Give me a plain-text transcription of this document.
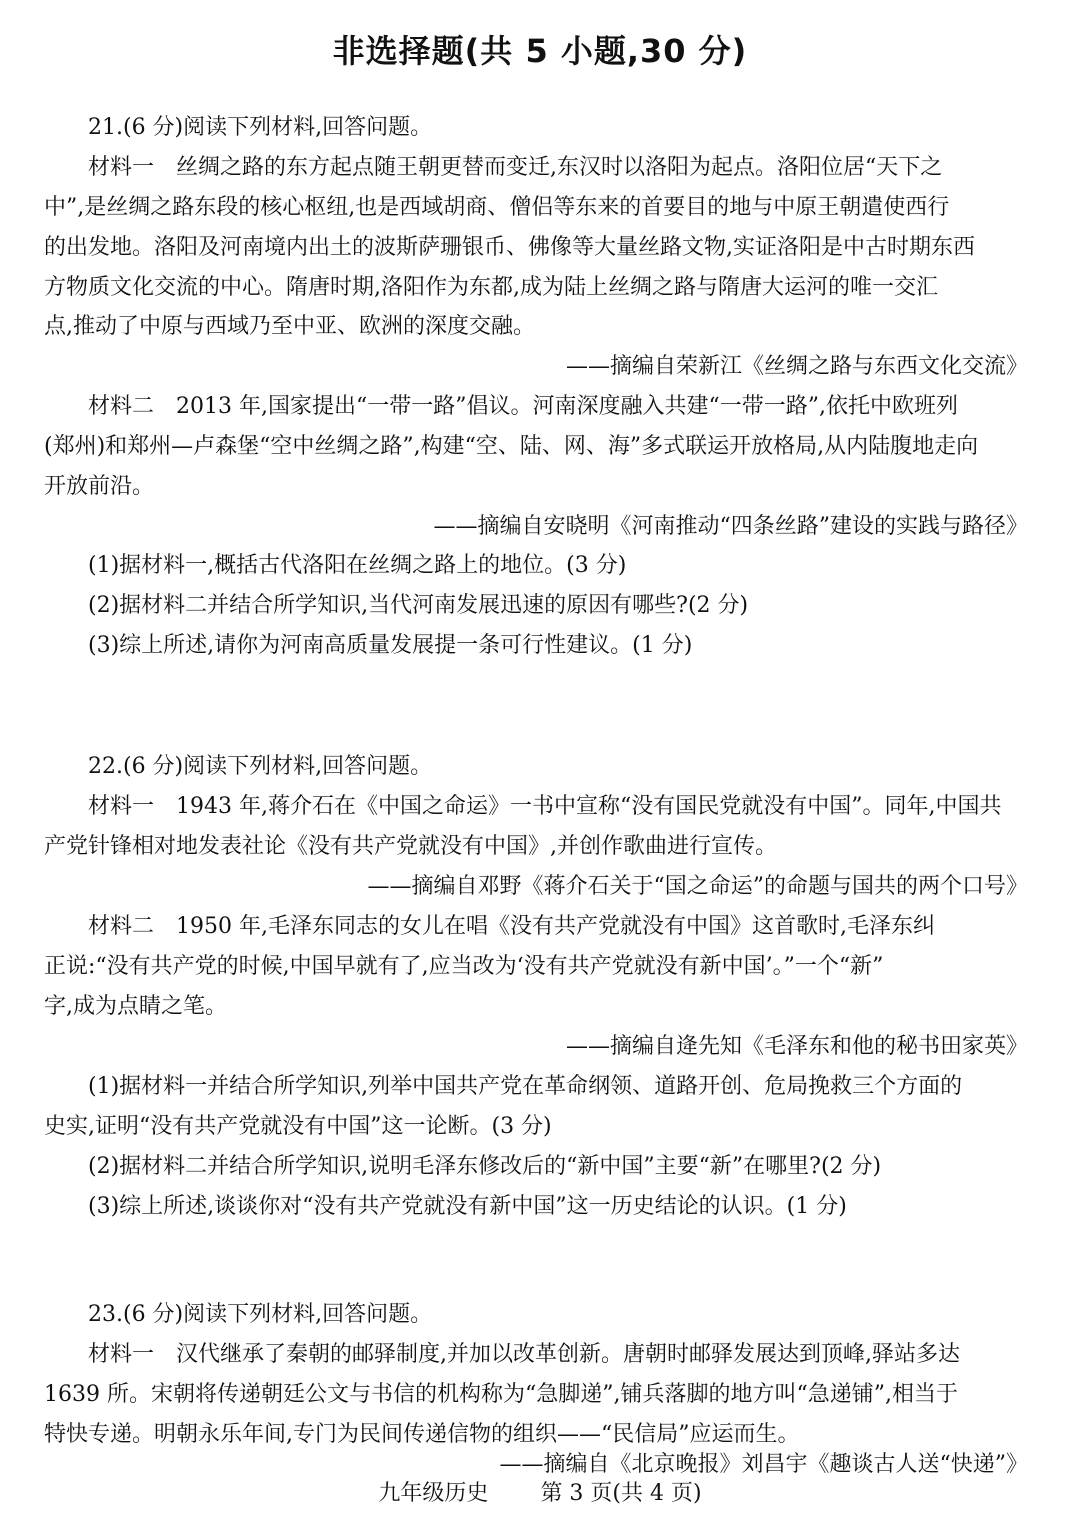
非选择题(共 5 小题,30 分)
21.(6 分)阅读下列材料,回答问题。
材料一　丝绸之路的东方起点随王朝更替而变迁,东汉时以洛阳为起点。洛阳位居“天下之
中”,是丝绸之路东段的核心枢纽,也是西域胡商、僧侣等东来的首要目的地与中原王朝遣使西行
的出发地。洛阳及河南境内出土的波斯萨珊银币、佛像等大量丝路文物,实证洛阳是中古时期东西
方物质文化交流的中心。隋唐时期,洛阳作为东都,成为陆上丝绸之路与隋唐大运河的唯一交汇
点,推动了中原与西域乃至中亚、欧洲的深度交融。
——摘编自荣新江《丝绸之路与东西文化交流》
材料二　2013 年,国家提出“一带一路”倡议。河南深度融入共建“一带一路”,依托中欧班列
(郑州)和郑州—卢森堡“空中丝绸之路”,构建“空、陆、网、海”多式联运开放格局,从内陆腹地走向
开放前沿。
——摘编自安晓明《河南推动“四条丝路”建设的实践与路径》
(1)据材料一,概括古代洛阳在丝绸之路上的地位。(3 分)
(2)据材料二并结合所学知识,当代河南发展迅速的原因有哪些?(2 分)
(3)综上所述,请你为河南高质量发展提一条可行性建议。(1 分)
22.(6 分)阅读下列材料,回答问题。
材料一　1943 年,蒋介石在《中国之命运》一书中宣称“没有国民党就没有中国”。同年,中国共
产党针锋相对地发表社论《没有共产党就没有中国》,并创作歌曲进行宣传。
——摘编自邓野《蒋介石关于“国之命运”的命题与国共的两个口号》
材料二　1950 年,毛泽东同志的女儿在唱《没有共产党就没有中国》这首歌时,毛泽东纠
正说:“没有共产党的时候,中国早就有了,应当改为‘没有共产党就没有新中国’。”一个“新”
字,成为点睛之笔。
——摘编自逄先知《毛泽东和他的秘书田家英》
(1)据材料一并结合所学知识,列举中国共产党在革命纲领、道路开创、危局挽救三个方面的
史实,证明“没有共产党就没有中国”这一论断。(3 分)
(2)据材料二并结合所学知识,说明毛泽东修改后的“新中国”主要“新”在哪里?(2 分)
(3)综上所述,谈谈你对“没有共产党就没有新中国”这一历史结论的认识。(1 分)
23.(6 分)阅读下列材料,回答问题。
材料一　汉代继承了秦朝的邮驿制度,并加以改革创新。唐朝时邮驿发展达到顶峰,驿站多达
1639 所。宋朝将传递朝廷公文与书信的机构称为“急脚递”,铺兵落脚的地方叫“急递铺”,相当于
特快专递。明朝永乐年间,专门为民间传递信物的组织——“民信局”应运而生。
——摘编自《北京晚报》刘昌宇《趣谈古人送“快递”》
九年级历史 第 3 页(共 4 页)
